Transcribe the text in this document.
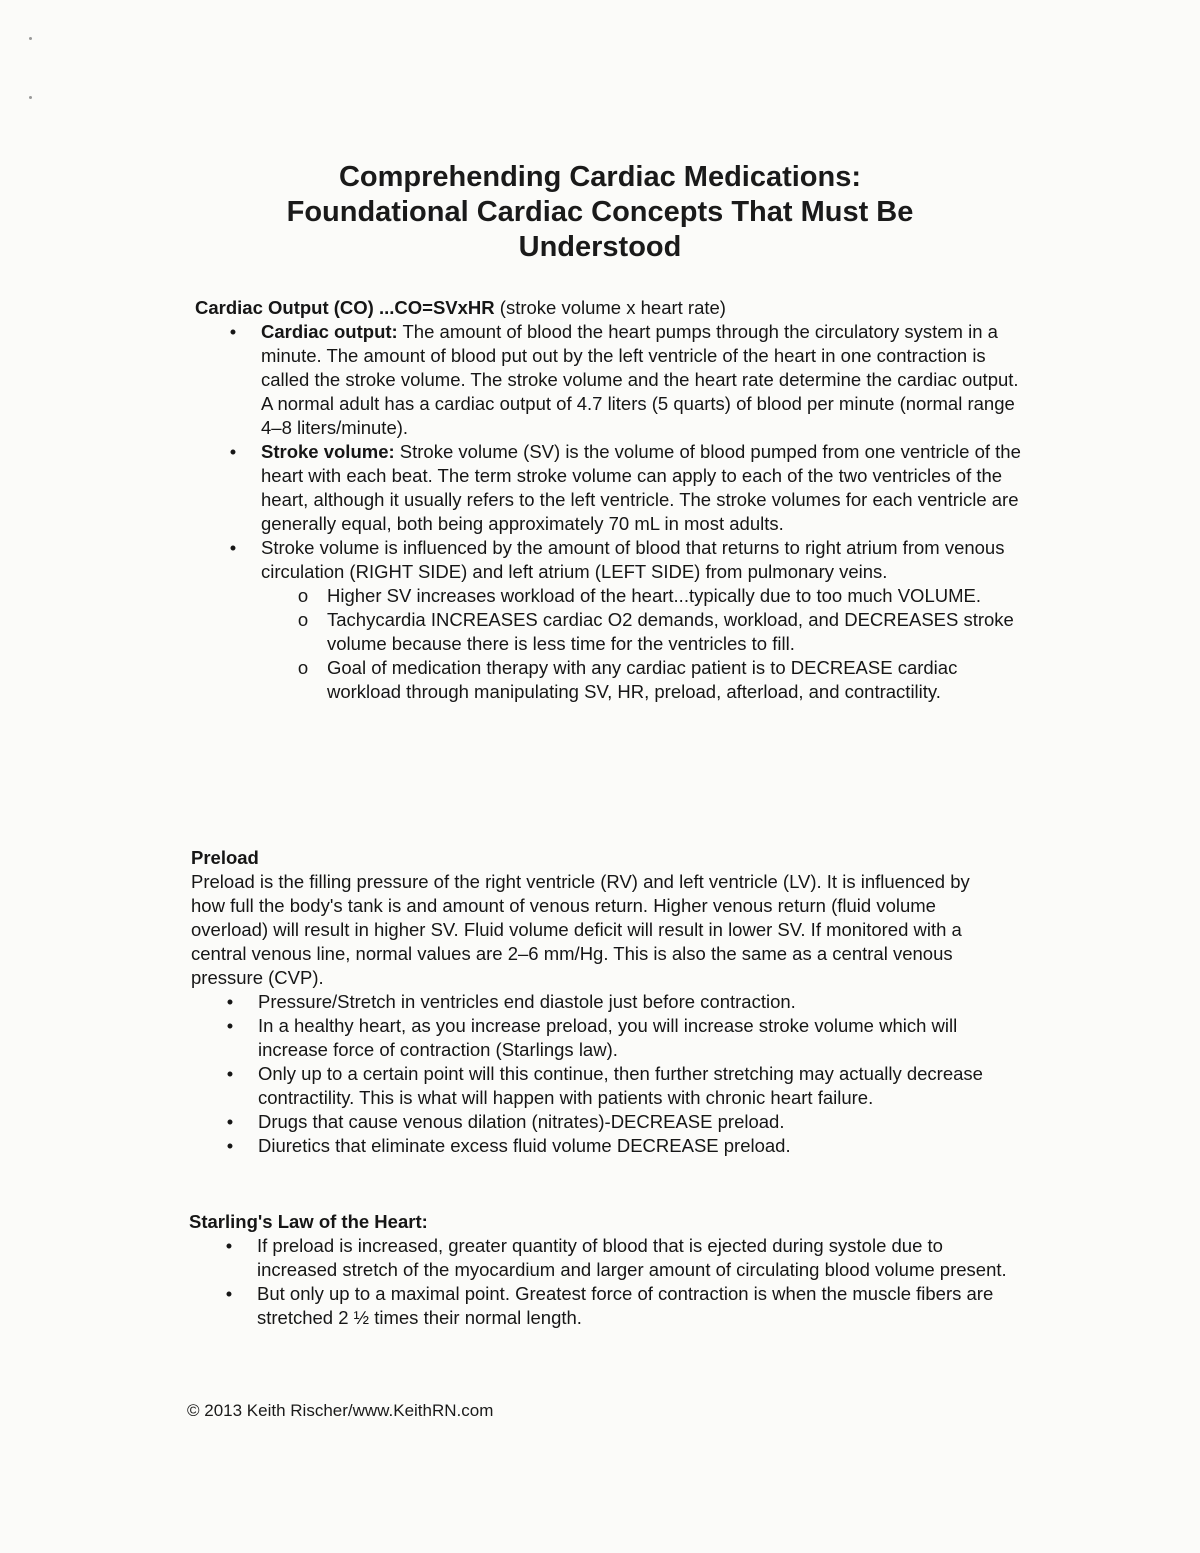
Comprehending Cardiac Medications:
Foundational Cardiac Concepts That Must Be
Understood
Cardiac Output (CO) ...CO=SVxHR (stroke volume x heart rate)
•	Cardiac output: The amount of blood the heart pumps through the circulatory system in a minute. The amount of blood put out by the left ventricle of the heart in one contraction is called the stroke volume. The stroke volume and the heart rate determine the cardiac output. A normal adult has a cardiac output of 4.7 liters (5 quarts) of blood per minute (normal range 4–8 liters/minute).
•	Stroke volume: Stroke volume (SV) is the volume of blood pumped from one ventricle of the heart with each beat. The term stroke volume can apply to each of the two ventricles of the heart, although it usually refers to the left ventricle. The stroke volumes for each ventricle are generally equal, both being approximately 70 mL in most adults.
•	Stroke volume is influenced by the amount of blood that returns to right atrium from venous circulation (RIGHT SIDE) and left atrium (LEFT SIDE) from pulmonary veins.
o Higher SV increases workload of the heart...typically due to too much VOLUME.
o Tachycardia INCREASES cardiac O2 demands, workload, and DECREASES stroke volume because there is less time for the ventricles to fill.
o Goal of medication therapy with any cardiac patient is to DECREASE cardiac workload through manipulating SV, HR, preload, afterload, and contractility.
Preload

Preload is the filling pressure of the right ventricle (RV) and left ventricle (LV). It is influenced by how full the body's tank is and amount of venous return. Higher venous return (fluid volume overload) will result in higher SV. Fluid volume deficit will result in lower SV. If monitored with a central venous line, normal values are 2–6 mm/Hg. This is also the same as a central venous pressure (CVP).

•	Pressure/Stretch in ventricles end diastole just before contraction.
•	In a healthy heart, as you increase preload, you will increase stroke volume which will increase force of contraction (Starlings law).
•	Only up to a certain point will this continue, then further stretching may actually decrease contractility. This is what will happen with patients with chronic heart failure.
•	Drugs that cause venous dilation (nitrates)-DECREASE preload.
•	Diuretics that eliminate excess fluid volume DECREASE preload.
Starling's Law of the Heart:
•	If preload is increased, greater quantity of blood that is ejected during systole due to increased stretch of the myocardium and larger amount of circulating blood volume present.
•	But only up to a maximal point. Greatest force of contraction is when the muscle fibers are stretched 2 ½ times their normal length.
© 2013 Keith Rischer/www.KeithRN.com
